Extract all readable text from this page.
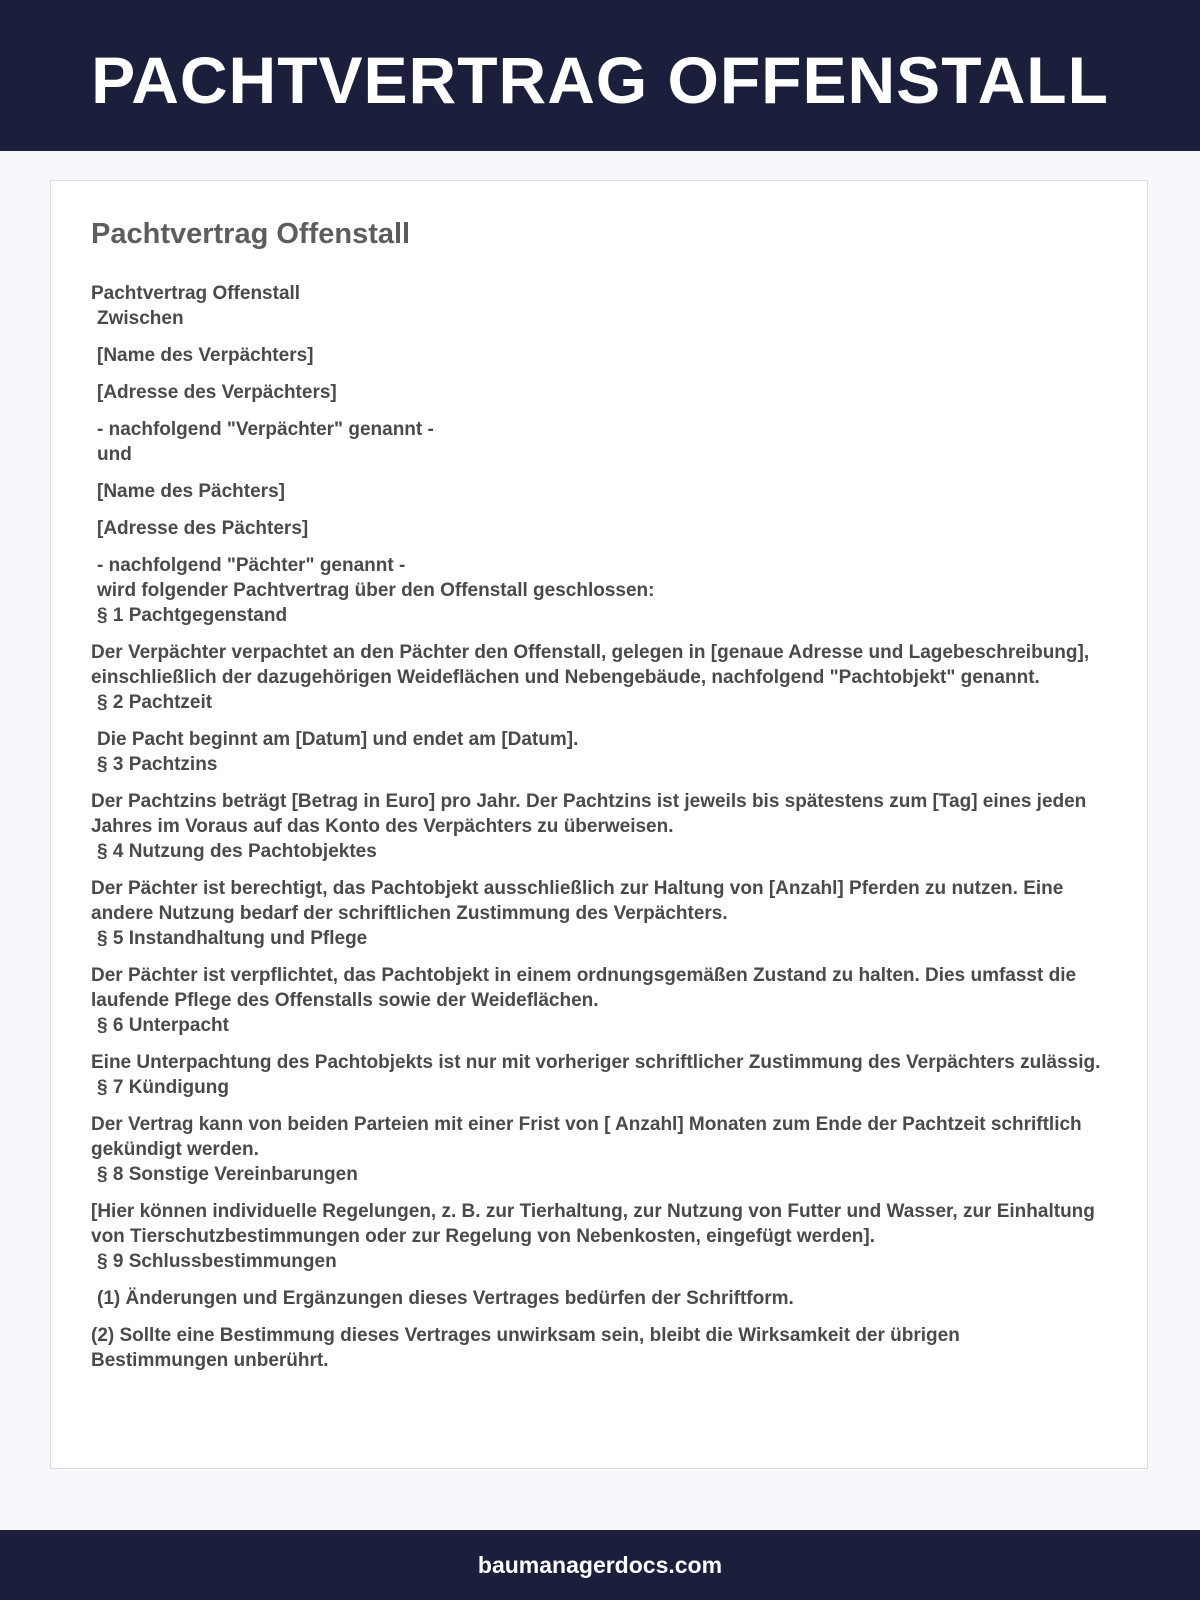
PACHTVERTRAG OFFENSTALL
Pachtvertrag Offenstall
Pachtvertrag Offenstall
Zwischen
[Name des Verpächters]
[Adresse des Verpächters]
- nachfolgend "Verpächter" genannt -
und
[Name des Pächters]
[Adresse des Pächters]
- nachfolgend "Pächter" genannt -
wird folgender Pachtvertrag über den Offenstall geschlossen:
§ 1 Pachtgegenstand
Der Verpächter verpachtet an den Pächter den Offenstall, gelegen in [genaue Adresse und Lagebeschreibung], einschließlich der dazugehörigen Weideflächen und Nebengebäude, nachfolgend "Pachtobjekt" genannt.
§ 2 Pachtzeit
Die Pacht beginnt am [Datum] und endet am [Datum].
§ 3 Pachtzins
Der Pachtzins beträgt [Betrag in Euro] pro Jahr. Der Pachtzins ist jeweils bis spätestens zum [Tag] eines jeden Jahres im Voraus auf das Konto des Verpächters zu überweisen.
§ 4 Nutzung des Pachtobjektes
Der Pächter ist berechtigt, das Pachtobjekt ausschließlich zur Haltung von [Anzahl] Pferden zu nutzen. Eine andere Nutzung bedarf der schriftlichen Zustimmung des Verpächters.
§ 5 Instandhaltung und Pflege
Der Pächter ist verpflichtet, das Pachtobjekt in einem ordnungsgemäßen Zustand zu halten. Dies umfasst die laufende Pflege des Offenstalls sowie der Weideflächen.
§ 6 Unterpacht
Eine Unterpachtung des Pachtobjekts ist nur mit vorheriger schriftlicher Zustimmung des Verpächters zulässig.
§ 7 Kündigung
Der Vertrag kann von beiden Parteien mit einer Frist von [ Anzahl] Monaten zum Ende der Pachtzeit schriftlich gekündigt werden.
§ 8 Sonstige Vereinbarungen
[Hier können individuelle Regelungen, z. B. zur Tierhaltung, zur Nutzung von Futter und Wasser, zur Einhaltung von Tierschutzbestimmungen oder zur Regelung von Nebenkosten, eingefügt werden].
§ 9 Schlussbestimmungen
(1) Änderungen und Ergänzungen dieses Vertrages bedürfen der Schriftform.
(2) Sollte eine Bestimmung dieses Vertrages unwirksam sein, bleibt die Wirksamkeit der übrigen Bestimmungen unberührt.
baumanagerdocs.com
